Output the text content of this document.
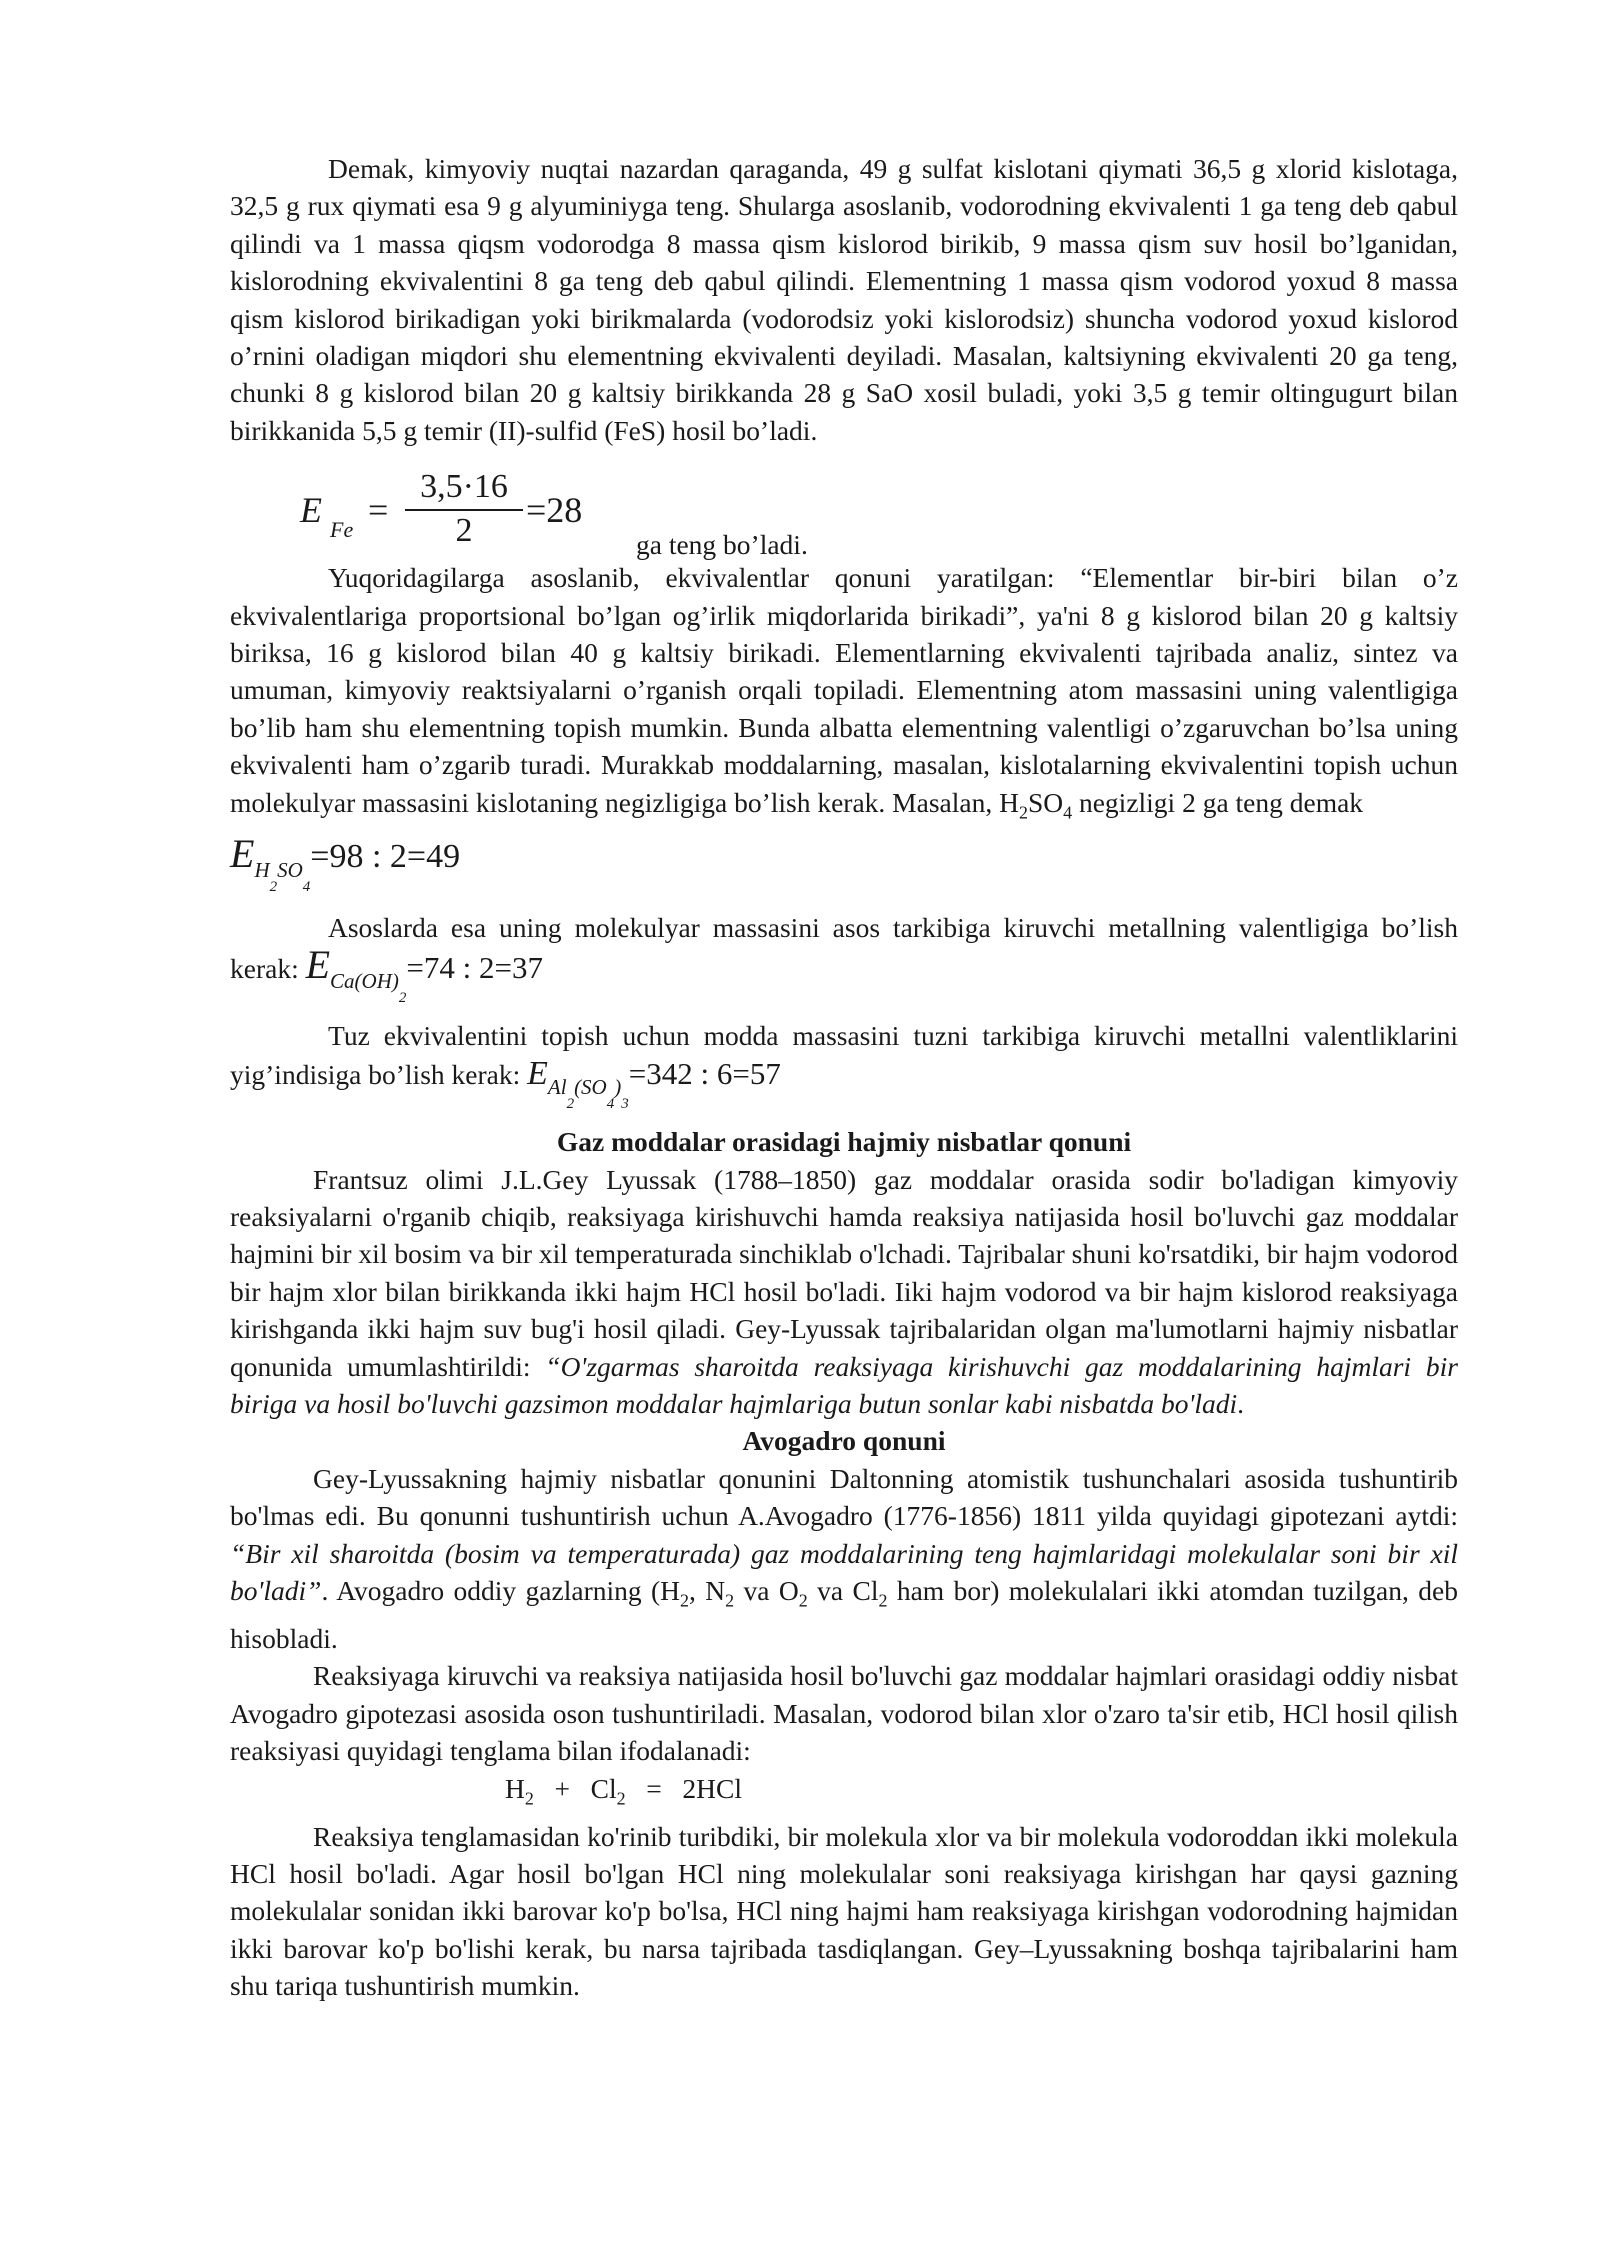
Demak, kimyoviy nuqtai nazardan qaraganda, 49 g sulfat kislotani qiymati 36,5 g xlorid kislotaga, 32,5 g rux qiymati esa 9 g alyuminiyga teng. Shularga asoslanib, vodorodning ekvivalenti 1 ga teng deb qabul qilindi va 1 massa qiqsm vodorodga 8 massa qism kislorod birikib, 9 massa qism suv hosil bo’lganidan, kislorodning ekvivalentini 8 ga teng deb qabul qilindi. Elementning 1 massa qism vodorod yoxud 8 massa qism kislorod birikadigan yoki birikmalarda (vodorodsiz yoki kislorodsiz) shuncha vodorod yoxud kislorod o’rnini oladigan miqdori shu elementning ekvivalenti deyiladi. Masalan, kaltsiyning ekvivalenti 20 ga teng, chunki 8 g kislorod bilan 20 g kaltsiy birikkanda 28 g SaO xosil buladi, yoki 3,5 g temir oltingugurt bilan birikkanida 5,5 g temir (II)-sulfid (FeS) hosil bo’ladi.

E $Fe = \frac{3,5\cdot 16}{2} =28$
ga teng bo’ladi.

Yuqoridagilarga asoslanib, ekvivalentlar qonuni yaratilgan: “Elementlar bir-biri bilan o’z ekvivalentlariga proportsional bo’lgan og’irlik miqdorlarida birikadi”, ya'ni 8 g kislorod bilan 20 g kaltsiy biriksa, 16 g kislorod bilan 40 g kaltsiy birikadi. Elementlarning ekvivalenti tajribada analiz, sintez va umuman, kimyoviy reaktsiyalarni o’rganish orqali topiladi. Elementning atom massasini uning valentligiga bo’lib ham shu elementning topish mumkin. Bunda albatta elementning valentligi o’zgaruvchan bo’lsa uning ekvivalenti ham o’zgarib turadi. Murakkab moddalarning, masalan, kislotalarning ekvivalentini topish uchun molekulyar massasini kislotaning negizligiga bo’lish kerak. Masalan, $H_2SO_4$ negizligi 2 ga teng demak

$E_{H_2SO_4}=98$ : 2=49

Asoslarda esa uning molekulyar massasini asos tarkibiga kiruvchi metallning valentligiga bo’lish kerak: $E_{Ca(OH)_2}=74$ : 2=37

Tuz ekvivalentini topish uchun modda massasini tuzni tarkibiga kiruvchi metallni valentliklarini yig’indisiga bo’lish kerak: $E_{Al_2(SO_4)_3}=342$ : 6=57

Gaz moddalar orasidagi hajmiy nisbatlar qonuni

Frantsuz olimi J.L.Gey Lyussak (1788–1850) gaz moddalar orasida sodir bo'ladigan kimyoviy reaksiyalarni o'rganib chiqib, reaksiyaga kirishuvchi hamda reaksiya natijasida hosil bo'luvchi gaz moddalar hajmini bir xil bosim va bir xil temperaturada sinchiklab o'lchadi. Tajribalar shuni ko'rsatdiki, bir hajm vodorod bir hajm xlor bilan birikkanda ikki hajm HCl hosil bo'ladi. Iiki hajm vodorod va bir hajm kislorod reaksiyaga kirishganda ikki hajm suv bug'i hosil qiladi. Gey-Lyussak tajribalaridan olgan ma'lumotlarni hajmiy nisbatlar qonunida umumlashtirildi: “O'zgarmas sharoitda reaksiyaga kirishuvchi gaz moddalarining hajmlari bir biriga va hosil bo'luvchi gazsimon moddalar hajmlariga butun sonlar kabi nisbatda bo'ladi.

Avogadro qonuni

Gey-Lyussakning hajmiy nisbatlar qonunini Daltonning atomistik tushunchalari asosida tushuntirib bo'lmas edi. Bu qonunni tushuntirish uchun A.Avogadro (1776-1856) 1811 yilda quyidagi gipotezani aytdi: “Bir xil sharoitda (bosim va temperaturada) gaz moddalarining teng hajmlaridagi molekulalar soni bir xil bo'ladi”. Avogadro oddiy gazlarning ($H_2$, $N_2$ va $O_2$ va $Cl_2$ ham bor) molekulalari ikki atomdan tuzilgan, deb hisobladi.

Reaksiyaga kiruvchi va reaksiya natijasida hosil bo'luvchi gaz moddalar hajmlari orasidagi oddiy nisbat Avogadro gipotezasi asosida oson tushuntiriladi. Masalan, vodorod bilan xlor o'zaro ta'sir etib, HCl hosil qilish reaksiyasi quyidagi tenglama bilan ifodalanadi:

$H_2 + Cl_2 = 2HCl$

Reaksiya tenglamasidan ko'rinib turibdiki, bir molekula xlor va bir molekula vodoroddan ikki molekula HCl hosil bo'ladi. Agar hosil bo'lgan HCl ning molekulalar soni reaksiyaga kirishgan har qaysi gazning molekulalar sonidan ikki barovar ko'p bo'lsa, HCl ning hajmi ham reaksiyaga kirishgan vodorodning hajmidan ikki barovar ko'p bo'lishi kerak, bu narsa tajribada tasdiqlangan. Gey–Lyussakning boshqa tajribalarini ham shu tariqa tushuntirish mumkin.
